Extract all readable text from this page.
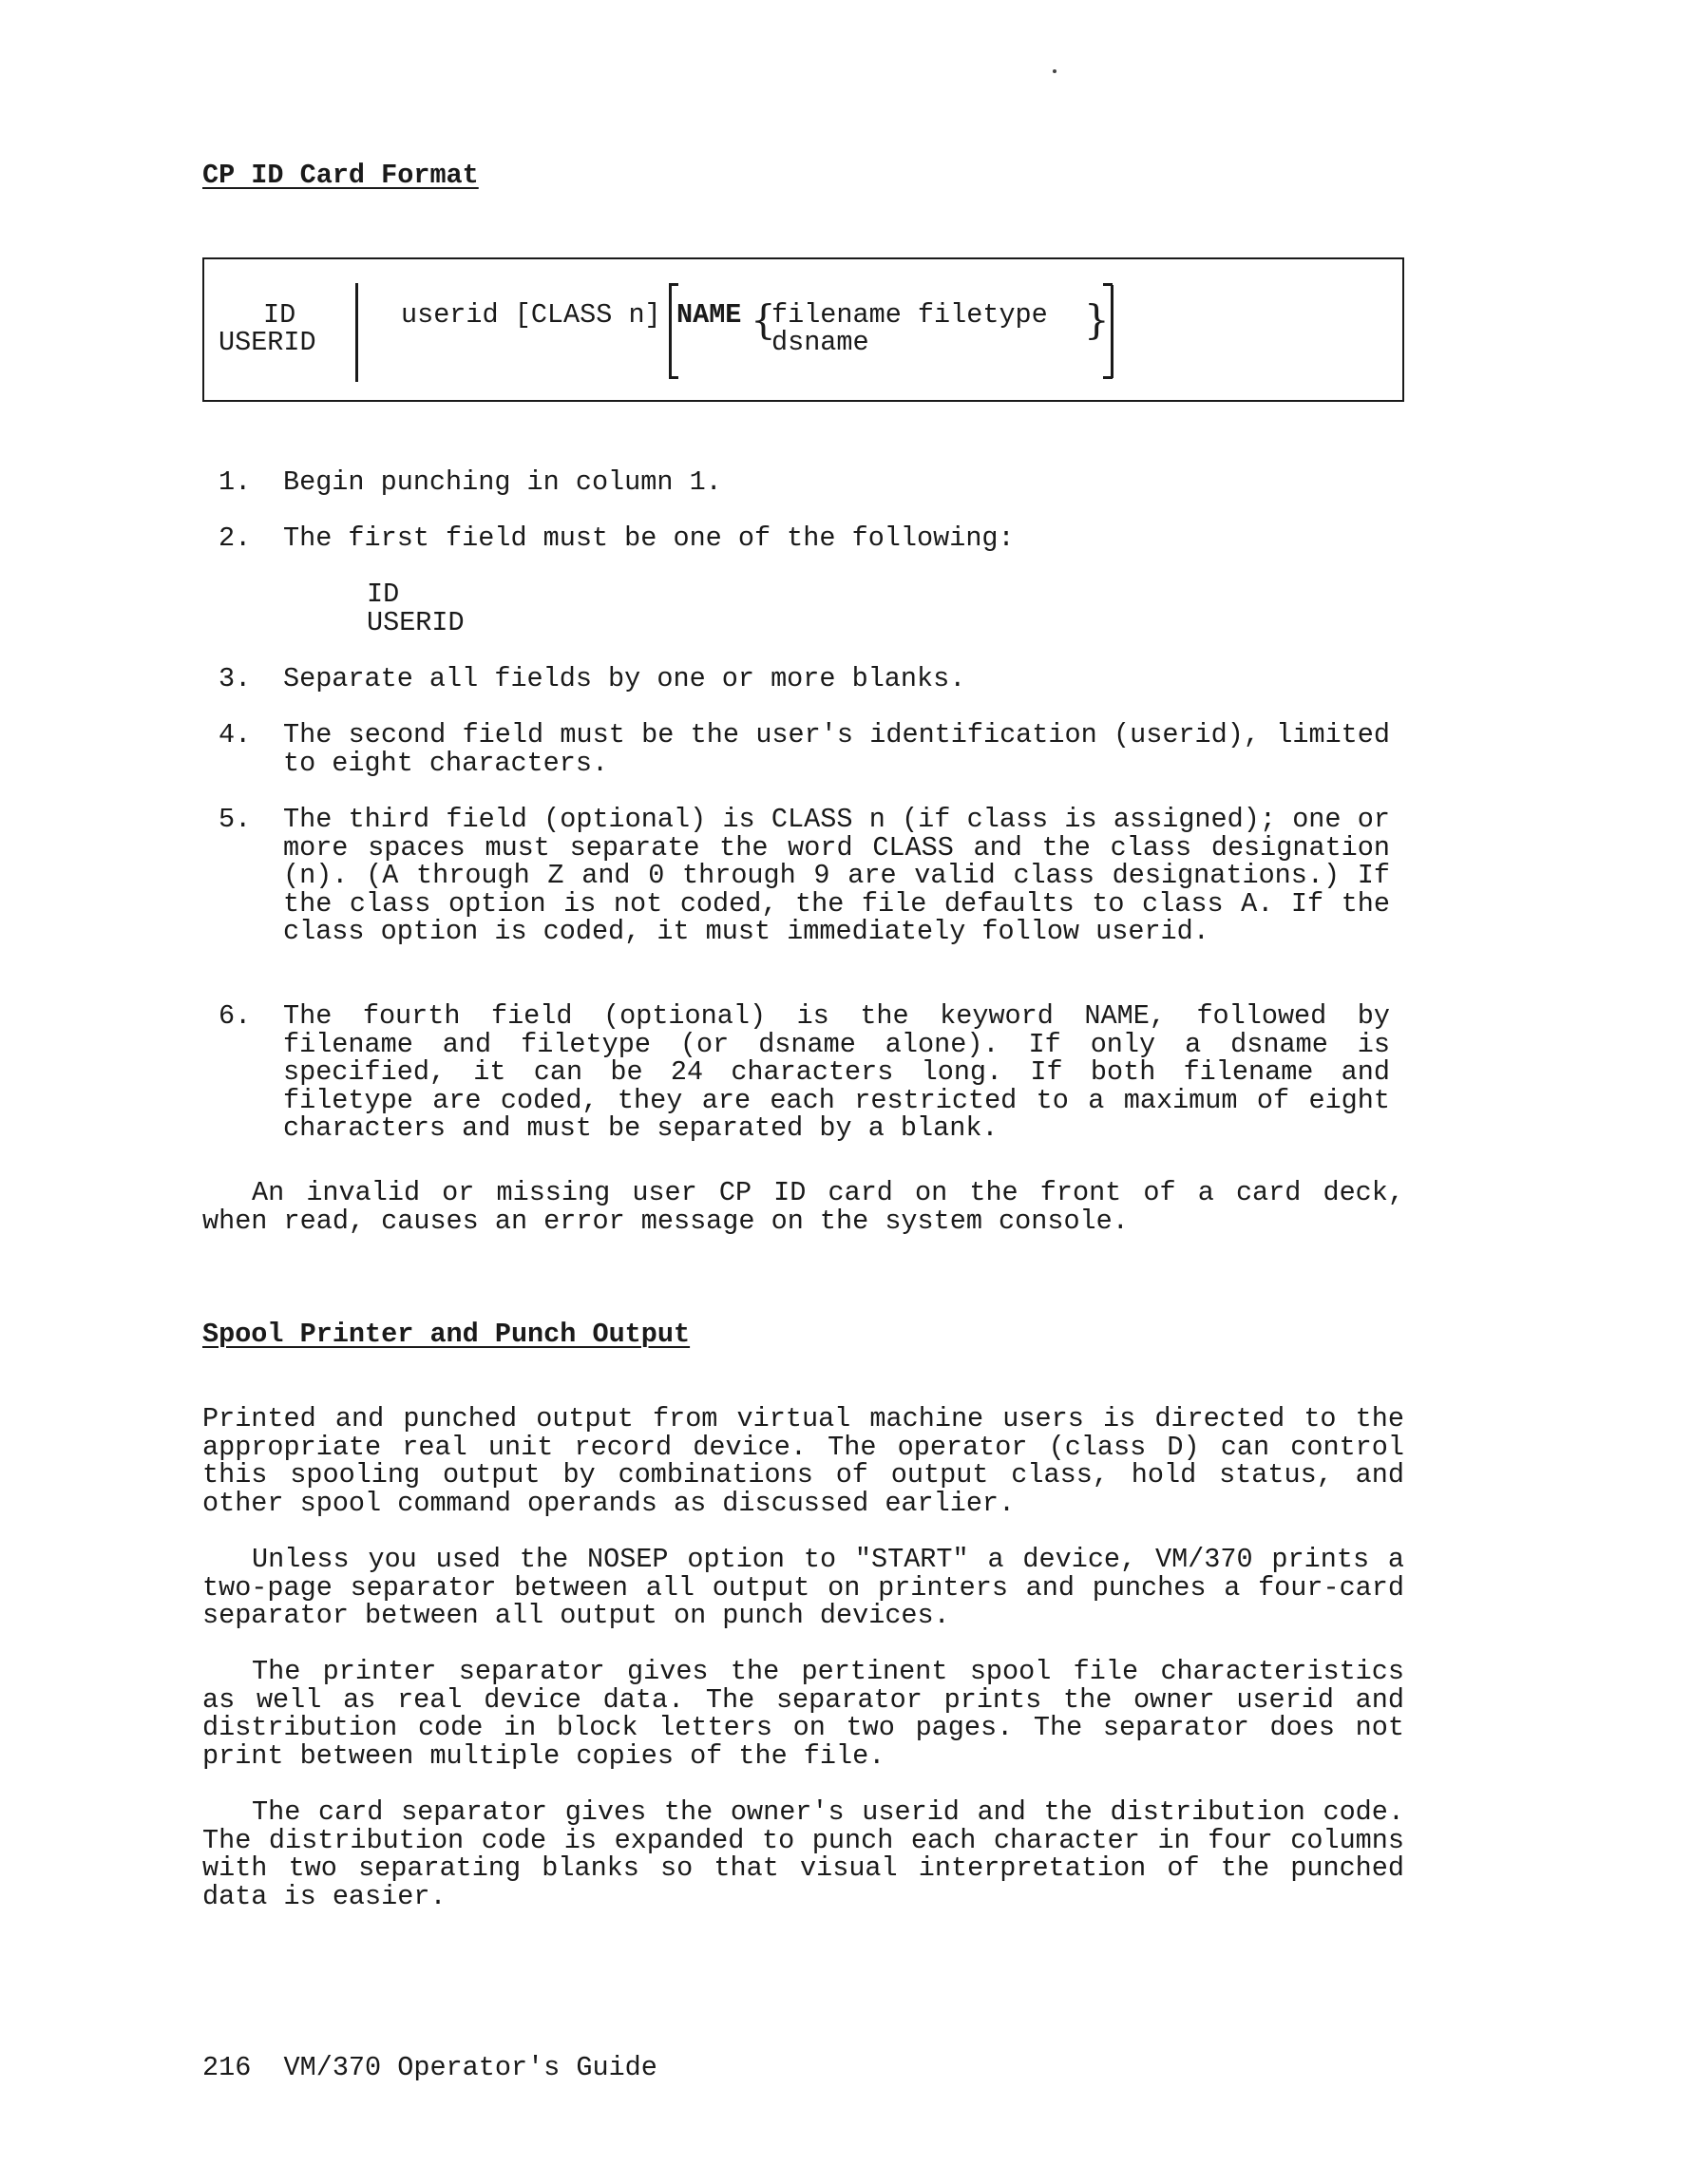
CP ID Card Format
ID
USERID
userid [CLASS n] NAME {
filename filetype
dsname	}
1. Begin punching in column 1.
2. The first field must be one of the following:
ID
USERID
3. Separate all fields by one or more blanks.
4. The second field must be the user's identification (userid), limited to eight characters.
5. The third field (optional) is CLASS n (if class is assigned); one or more spaces must separate the word CLASS and the class designation (n). (A through Z and 0 through 9 are valid class designations.) If the class option is not coded, the file defaults to class A. If the class option is coded, it must immediately follow userid.
6. The fourth field (optional) is the keyword NAME, followed by filename and filetype (or dsname alone). If only a dsname is specified, it can be 24 characters long. If both filename and filetype are coded, they are each restricted to a maximum of eight characters and must be separated by a blank.
An invalid or missing user CP ID card on the front of a card deck, when read, causes an error message on the system console.
Spool Printer and Punch Output
Printed and punched output from virtual machine users is directed to the appropriate real unit record device. The operator (class D) can control this spooling output by combinations of output class, hold status, and other spool command operands as discussed earlier.
Unless you used the NOSEP option to "START" a device, VM/370 prints a two-page separator between all output on printers and punches a four-card separator between all output on punch devices.
The printer separator gives the pertinent spool file characteristics as well as real device data. The separator prints the owner userid and distribution code in block letters on two pages. The separator does not print between multiple copies of the file.
The card separator gives the owner's userid and the distribution code. The distribution code is expanded to punch each character in four columns with two separating blanks so that visual interpretation of the punched data is easier.
216  VM/370 Operator's Guide
